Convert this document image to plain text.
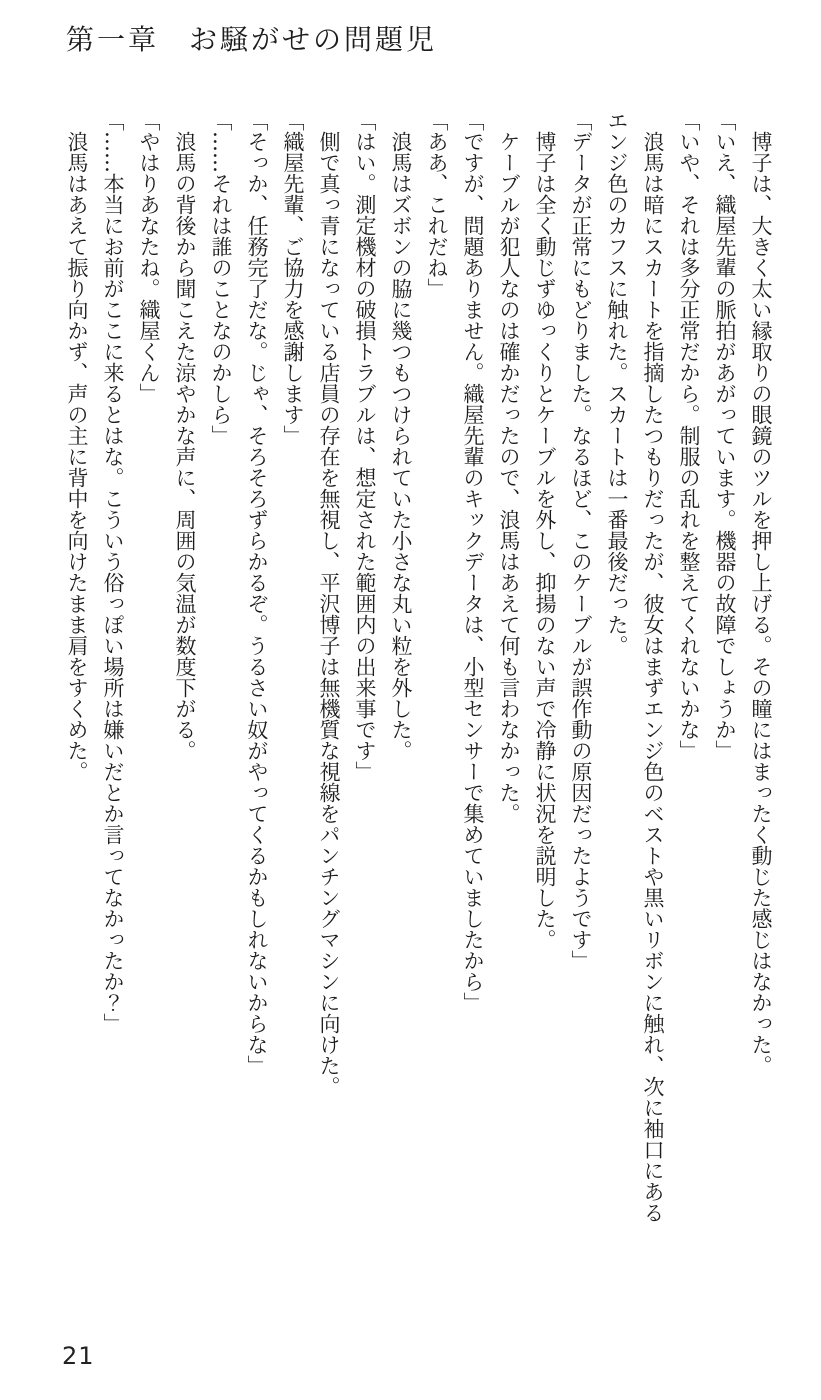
第一章 お騒がせの問題児

　博子は、大きく太い縁取りの眼鏡のツルを押し上げる。その瞳にはまったく動じた感じはなかった。

「いえ、織屋先輩の脈拍があがっています。機器の故障でしょうか」

「いや、それは多分正常だから。制服の乱れを整えてくれないかな」

　浪馬は暗にスカートを指摘したつもりだったが、彼女はまずエンジ色のベストや黒いリボンに触れ、次に袖口にあるエンジ色のカフスに触れた。スカートは一番最後だった。

「データが正常にもどりました。なるほど、このケーブルが誤作動の原因だったようです」

　博子は全く動じずゆっくりとケーブルを外し、抑揚のない声で冷静に状況を説明した。

　ケーブルが犯人なのは確かだったので、浪馬はあえて何も言わなかった。

「ですが、問題ありません。織屋先輩のキックデータは、小型センサーで集めていましたから」

「ああ、これだね」

　浪馬はズボンの脇に幾つもつけられていた小さな丸い粒を外した。

「はい。測定機材の破損トラブルは、想定された範囲内の出来事です」

　側で真っ青になっている店員の存在を無視し、平沢博子は無機質な視線をパンチングマシンに向けた。

「織屋先輩、ご協力を感謝します」

「そっか、任務完了だな。じゃ、そろそろずらかるぞ。うるさい奴がやってくるかもしれないからな」

「……それは誰のことなのかしら」

　浪馬の背後から聞こえた涼やかな声に、周囲の気温が数度下がる。

「やはりあなたね。織屋くん」

「……本当にお前がここに来るとはな。こういう俗っぽい場所は嫌いだとか言ってなかったか？」

　浪馬はあえて振り向かず、声の主に背中を向けたまま肩をすくめた。

21
